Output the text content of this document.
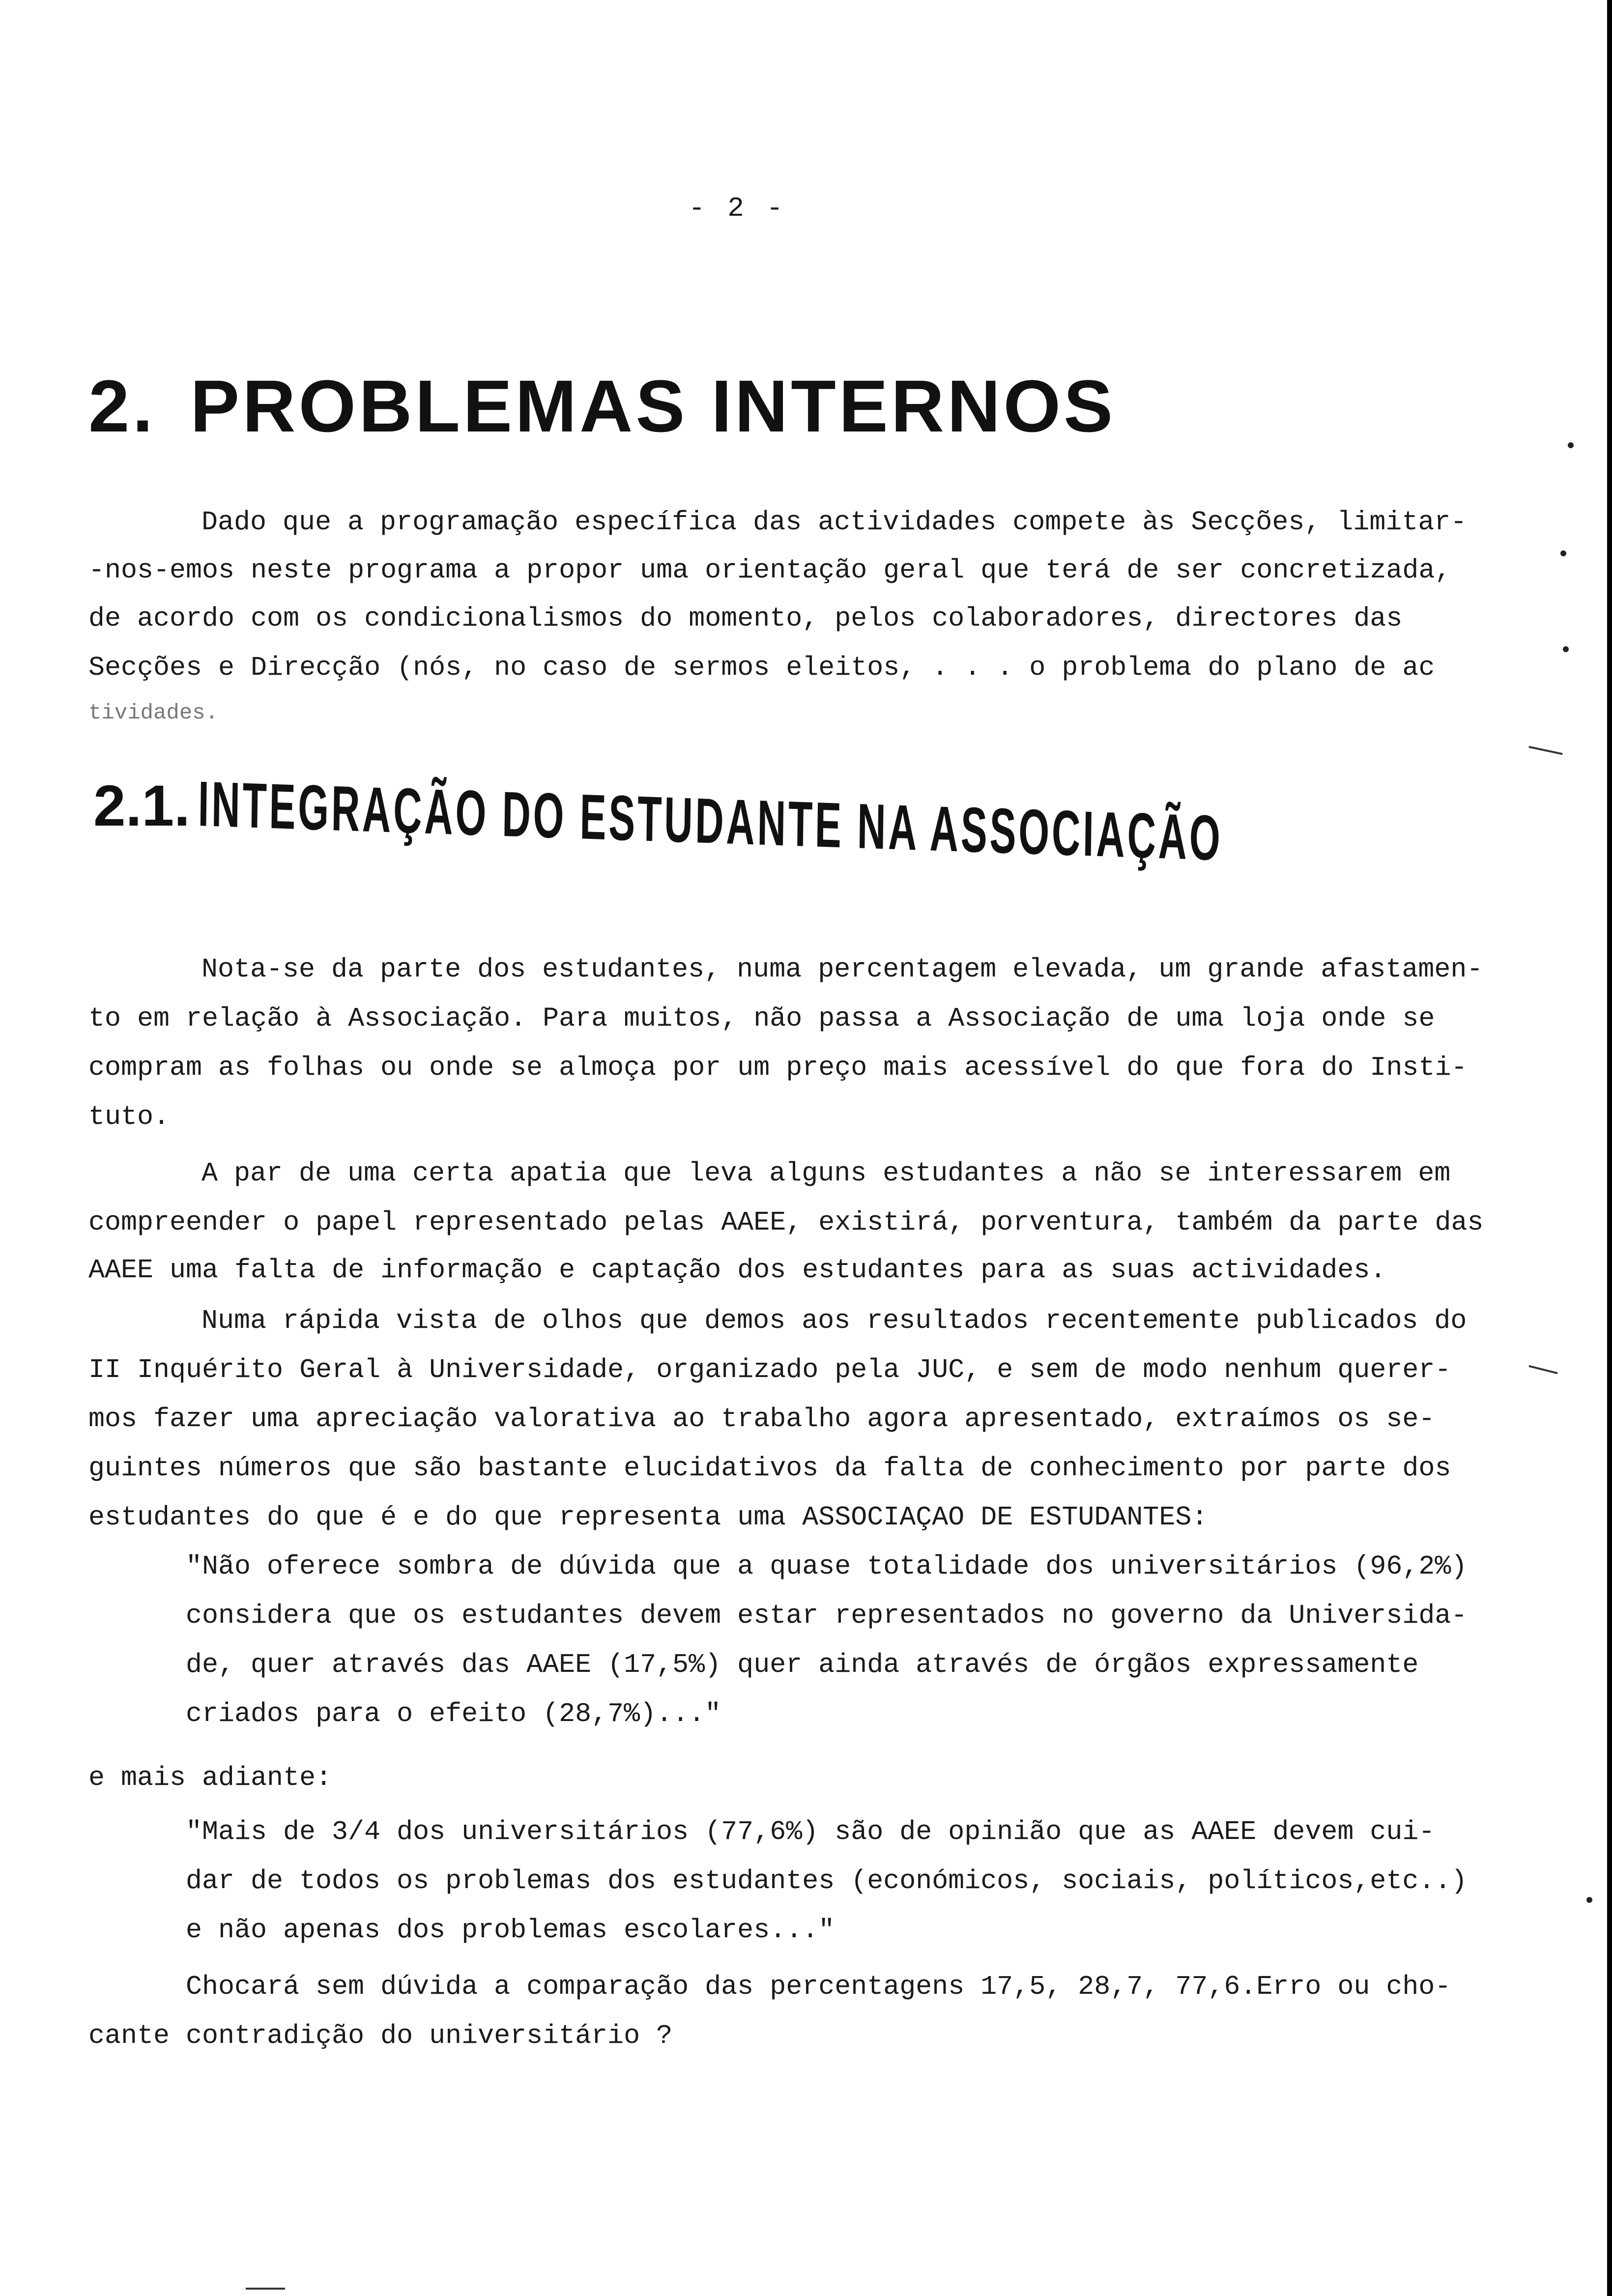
- 2 -
2. PROBLEMAS INTERNOS
Dado que a programação específica das actividades compete às Secções, limitar-
-nos-emos neste programa a propor uma orientação geral que terá de ser concretizada,
de acordo com os condicionalismos do momento, pelos colaboradores, directores das
Secções e Direcção (nós, no caso de sermos eleitos, . . . o problema do plano de ac
tividades.
2.1. INTEGRAÇÃO DO ESTUDANTE NA ASSOCIAÇÃO
Nota-se da parte dos estudantes, numa percentagem elevada, um grande afastamen-
to em relação à Associação. Para muitos, não passa a Associação de uma loja onde se
compram as folhas ou onde se almoça por um preço mais acessível do que fora do Insti-
tuto.
A par de uma certa apatia que leva alguns estudantes a não se interessarem em
compreender o papel representado pelas AAEE, existirá, porventura, também da parte das
AAEE uma falta de informação e captação dos estudantes para as suas actividades.
Numa rápida vista de olhos que demos aos resultados recentemente publicados do
II Inquérito Geral à Universidade, organizado pela JUC, e sem de modo nenhum querer-
mos fazer uma apreciação valorativa ao trabalho agora apresentado, extraímos os se-
guintes números que são bastante elucidativos da falta de conhecimento por parte dos
estudantes do que é e do que representa uma ASSOCIAÇAO DE ESTUDANTES:
"Não oferece sombra de dúvida que a quase totalidade dos universitários (96,2%)
considera que os estudantes devem estar representados no governo da Universida-
de, quer através das AAEE (17,5%) quer ainda através de órgãos expressamente
criados para o efeito (28,7%)..."
e mais adiante:
"Mais de 3/4 dos universitários (77,6%) são de opinião que as AAEE devem cui-
dar de todos os problemas dos estudantes (económicos, sociais, políticos,etc..)
e não apenas dos problemas escolares..."
Chocará sem dúvida a comparação das percentagens 17,5, 28,7, 77,6.Erro ou cho-
cante contradição do universitário ?
